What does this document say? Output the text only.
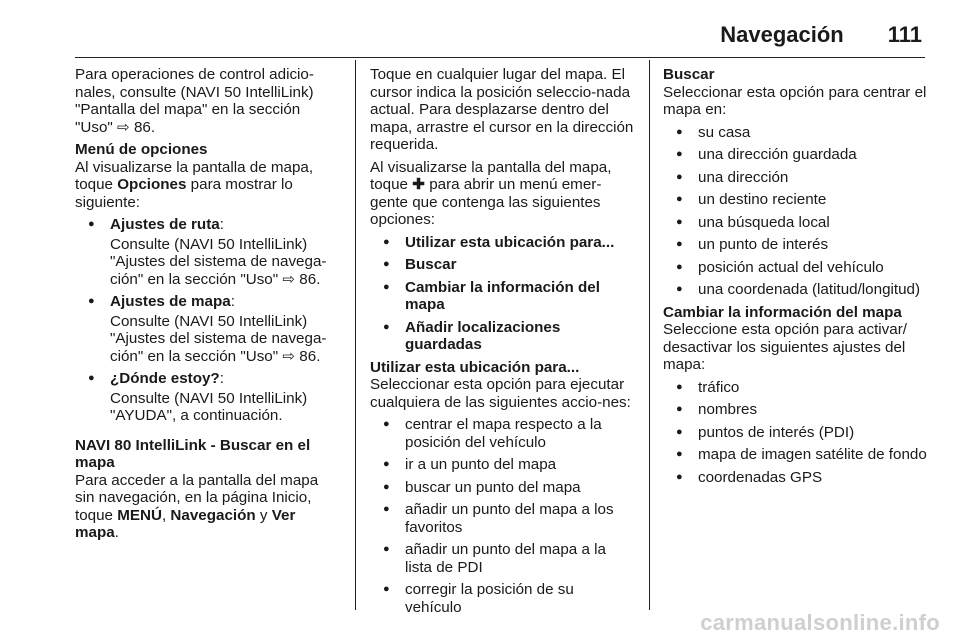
Navegación 111

Para operaciones de control adicio-nales, consulte (NAVI 50 IntelliLink) "Pantalla del mapa" en la sección "Uso" ⇨ 86.

Menú de opciones

Al visualizarse la pantalla de mapa, toque Opciones para mostrar lo siguiente:

● Ajustes de ruta:
Consulte (NAVI 50 IntelliLink) "Ajustes del sistema de navega-ción" en la sección "Uso" ⇨ 86.
● Ajustes de mapa:
Consulte (NAVI 50 IntelliLink) "Ajustes del sistema de navega-ción" en la sección "Uso" ⇨ 86.
● ¿Dónde estoy?:
Consulte (NAVI 50 IntelliLink) "AYUDA", a continuación.

NAVI 80 IntelliLink - Buscar en el mapa

Para acceder a la pantalla del mapa sin navegación, en la página Inicio, toque MENÚ, Navegación y Ver mapa.

Toque en cualquier lugar del mapa. El cursor indica la posición seleccio-nada actual. Para desplazarse dentro del mapa, arrastre el cursor en la dirección requerida.

Al visualizarse la pantalla del mapa, toque ✚ para abrir un menú emer-gente que contenga las siguientes opciones:

● Utilizar esta ubicación para...
● Buscar
● Cambiar la información del mapa
● Añadir localizaciones guardadas

Utilizar esta ubicación para...

Seleccionar esta opción para ejecutar cualquiera de las siguientes accio-nes:

● centrar el mapa respecto a la posición del vehículo
● ir a un punto del mapa
● buscar un punto del mapa
● añadir un punto del mapa a los favoritos
● añadir un punto del mapa a la lista de PDI
● corregir la posición de su vehículo

Buscar

Seleccionar esta opción para centrar el mapa en:

● su casa
● una dirección guardada
● una dirección
● un destino reciente
● una búsqueda local
● un punto de interés
● posición actual del vehículo
● una coordenada (latitud/longitud)

Cambiar la información del mapa

Seleccione esta opción para activar/ desactivar los siguientes ajustes del mapa:

● tráfico
● nombres
● puntos de interés (PDI)
● mapa de imagen satélite de fondo
● coordenadas GPS
carmanualsonline.info
